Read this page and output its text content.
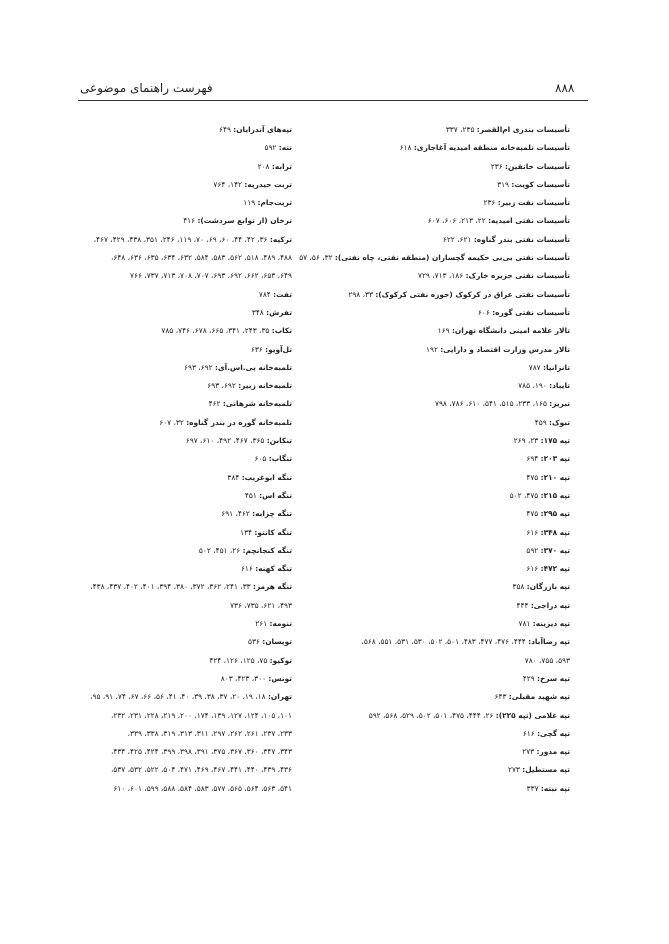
۸۸۸
فهرست راهنمای موضوعی
تأسیسات بندری ام‌القصر: ۲۳۵، ۳۳۷
تأسیسات تلمبه‌خانه منطقه امیدیه آغاجاری: ۶۱۸
تأسیسات خانقین: ۲۳۶
تأسیسات کویت: ۳۱۹
تأسیسات نفت زبیر: ۲۳۶
تأسیسات نفتی امیدیه: ۲۲، ۲۱۳، ۶۰۶، ۶۰۷
تأسیسات نفتی بندر گناوه: ۶۲۱، ۶۲۲
تأسیسات نفتی بی‌بی حکیمه گچساران (منطقه نفتی، چاه نفتی): ۳۲، ۵۶، ۵۷
تأسیسات نفتی جزیره خارک: ۱۸۶، ۷۱۳، ۷۲۹
تأسیسات نفتی عراق در کرکوک (حوزه نفتی کرکوک): ۳۳، ۲۹۸
تأسیسات نفتی گوره: ۶۰۶
تالار علامه امینی دانشگاه تهران: ۱۶۹
تالار مدرس وزارت اقتصاد و دارایی: ۱۹۲
تانزانیا: ۷۸۷
تایباد: ۱۹۰، ۷۸۵
تبریز: ۱۶۵، ۲۳۳، ۵۱۵، ۵۴۱، ۶۱۰، ۷۸۶، ۷۹۸
تبوک: ۴۵۹
تپه ۱۷۵: ۲۳، ۲۶۹
تپه ۲۰۳: ۶۹۴
تپه ۲۱۰: ۴۷۵
تپه ۲۱۵: ۴۷۵، ۵۰۲
تپه ۲۹۵: ۴۷۵
تپه ۳۴۸: ۶۱۶
تپه ۳۷۰: ۵۹۲
تپه ۴۷۲: ۶۱۶
تپه بازرگان: ۳۵۸
تپه دراجی: ۴۴۴
تپه دیزینه: ۷۸۱
تپه رضاآباد: ۴۴۴، ۴۷۶، ۴۷۷، ۴۸۳، ۵۰۱، ۵۰۲، ۵۳۰، ۵۳۱، ۵۵۱، ۵۶۸،
۵۹۳، ۷۵۵، ۷۸۰
تپه سرخ: ۴۲۹
تپه شهید مقبلی: ۶۴۳
تپه غلامی (تپه ۲۲۵): ۲۶، ۴۴۴، ۴۷۵، ۵۰۱، ۵۰۲، ۵۲۹، ۵۶۸، ۵۹۲
تپه گچی: ۶۱۶
تپه مدور: ۲۷۳
تپه مستطیل: ۲۷۳
تپه نبته: ۳۳۷
تپه‌های آندرایان: ۶۴۹
تته: ۵۹۲
ترابه: ۲۰۸
تربت حیدریه: ۱۴۲، ۷۶۴
تربت‌جام: ۱۱۹
ترخان (از توابع سردشت): ۴۱۶
ترکیه: ۳۶، ۴۲، ۴۴، ۶۰، ۶۹، ۷۰، ۱۱۹، ۲۴۶، ۳۵۱، ۴۳۸، ۴۲۹، ۴۶۷،
۴۸۸، ۴۸۹، ۵۱۸، ۵۶۲، ۵۸۳، ۵۸۴، ۶۳۲، ۶۳۴، ۶۳۵، ۶۳۶، ۶۴۸،
۶۴۹، ۶۵۳، ۶۶۲، ۶۹۲، ۶۹۳، ۷۰۷، ۷۰۸، ۷۱۳، ۷۳۷، ۷۶۶
تفت: ۷۸۴
تفرش: ۳۴۸
تکاب: ۳۵، ۲۴۳، ۳۴۱، ۶۶۵، ۶۷۸، ۷۴۶، ۷۸۵
تل‌آویو: ۶۳۶
تلمبه‌خانه پی.اس.آی: ۶۹۲، ۶۹۳
تلمبه‌خانه زبیر: ۶۹۲، ۶۹۳
تلمبه‌خانه شرهانی: ۴۶۲
تلمبه‌خانه گوره در بندر گناوه: ۳۲، ۶۰۷
تنکابن: ۳۶۵، ۴۶۷، ۴۹۲، ۶۱۰، ۶۹۷
تنگاب: ۶۰۵
تنگه ابوغریب: ۳۸۴
تنگه اس: ۴۵۱
تنگه چزابه: ۴۶۲، ۶۹۱
تنگه کانتو: ۱۳۴
تنگه کنجانچم: ۲۶، ۴۵۱، ۵۰۲
تنگه کهنه: ۶۱۶
تنگه هرمز: ۳۳، ۲۴۱، ۳۶۲، ۳۷۲، ۳۸۰، ۳۹۴، ۴۰۱، ۴۰۲، ۴۳۷، ۴۳۸،
۴۹۳، ۶۲۱، ۷۳۵، ۷۳۶
تنومه: ۲۶۱
تویسان: ۵۳۶
توکیو: ۷۵، ۱۲۵، ۱۲۶، ۴۲۴
تونس: ۳۰۰، ۴۲۳، ۸۰۳
تهران: ۱۸، ۱۹، ۲۰، ۳۷، ۳۸، ۳۹، ۴۰، ۴۱، ۵۶، ۶۶، ۶۷، ۷۴، ۹۱، ۹۵،
۱۰۱، ۱۰۵، ۱۲۴، ۱۲۷، ۱۳۹، ۱۷۴، ۲۰۰، ۲۱۹، ۲۲۸، ۲۳۱، ۲۳۲،
۲۳۳، ۲۳۷، ۲۶۱، ۲۶۲، ۲۹۷، ۳۱۱، ۳۱۳، ۳۱۹، ۳۳۸، ۳۳۹،
۳۴۳، ۳۴۷، ۳۶۰، ۳۶۷، ۳۷۵، ۳۹۱، ۳۹۸، ۳۹۹، ۴۲۴، ۴۲۵، ۴۳۴،
۴۳۶، ۴۳۹، ۴۴۰، ۴۴۱، ۴۶۷، ۴۶۹، ۴۷۱، ۵۰۴، ۵۲۲، ۵۳۲، ۵۳۷،
۵۴۱، ۵۶۳، ۵۶۴، ۵۶۵، ۵۷۷، ۵۸۳، ۵۸۴، ۵۸۸، ۵۹۹، ۶۰۱، ۶۱۰
